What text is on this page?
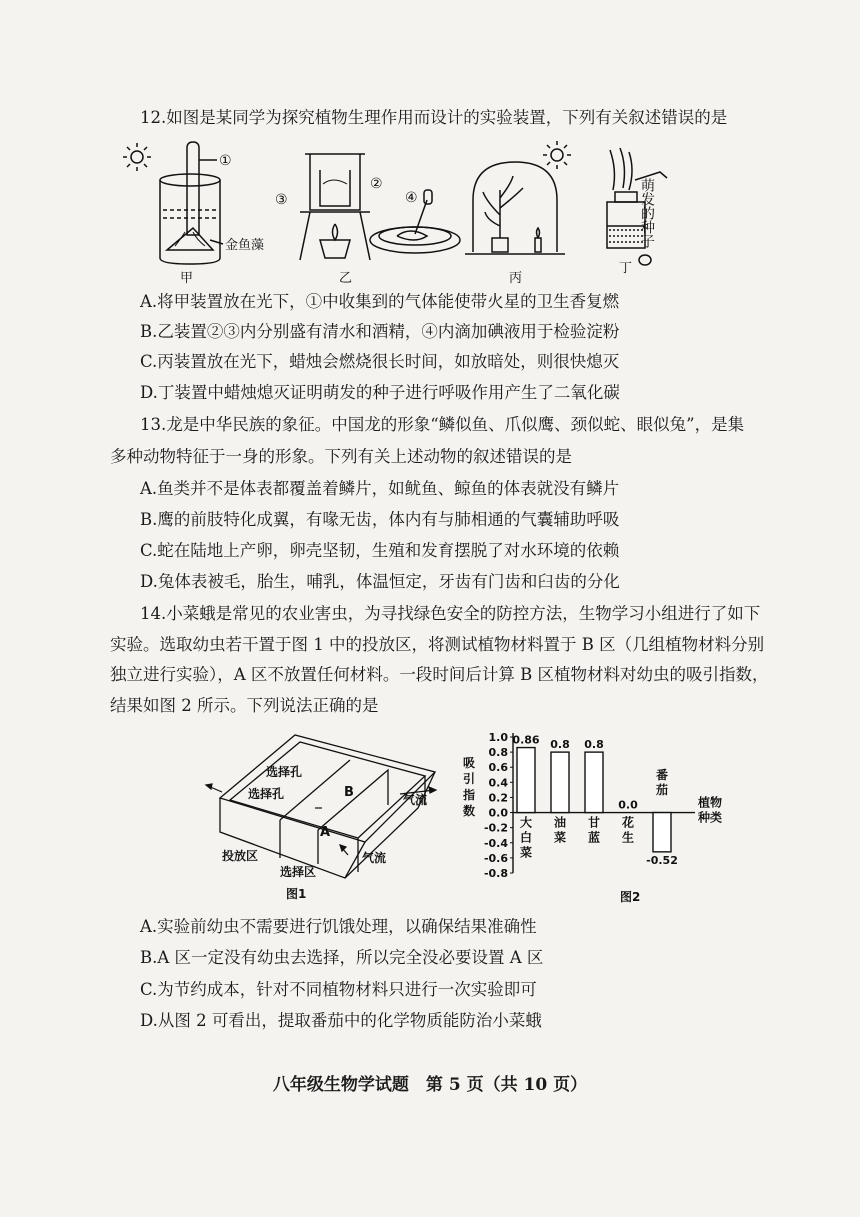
12.如图是某同学为探究植物生理作用而设计的实验装置，下列有关叙述错误的是
①
金鱼藻
甲
②
③
乙
④
丙
萌发的种子
丁
A.将甲装置放在光下，①中收集到的气体能使带火星的卫生香复燃
B.乙装置②③内分别盛有清水和酒精，④内滴加碘液用于检验淀粉
C.丙装置放在光下，蜡烛会燃烧很长时间，如放暗处，则很快熄灭
D.丁装置中蜡烛熄灭证明萌发的种子进行呼吸作用产生了二氧化碳
13.龙是中华民族的象征。中国龙的形象“鳞似鱼、爪似鹰、颈似蛇、眼似兔”，是集
多种动物特征于一身的形象。下列有关上述动物的叙述错误的是
A.鱼类并不是体表都覆盖着鳞片，如鱿鱼、鲸鱼的体表就没有鳞片
B.鹰的前肢特化成翼，有喙无齿，体内有与肺相通的气囊辅助呼吸
C.蛇在陆地上产卵，卵壳坚韧，生殖和发育摆脱了对水环境的依赖
D.兔体表被毛，胎生，哺乳，体温恒定，牙齿有门齿和臼齿的分化
14.小菜蛾是常见的农业害虫，为寻找绿色安全的防控方法，生物学习小组进行了如下
实验。选取幼虫若干置于图 1 中的投放区，将测试植物材料置于 B 区（几组植物材料分别
独立进行实验），A 区不放置任何材料。一段时间后计算 B 区植物材料对幼虫的吸引指数，
结果如图 2 所示。下列说法正确的是
选择孔
选择孔	B
A
气流
气流
投放区
选择区
图1
吸
引
指
数
1.0
0.8
0.6
0.4
0.2
0.0
-0.2
-0.4
-0.6
-0.8
0.86
大
白
菜
0.8
油
菜
0.8
甘
蓝
0.0
花
生
-0.52
番
茄
植物
种类
图2
A.实验前幼虫不需要进行饥饿处理，以确保结果准确性
B.A 区一定没有幼虫去选择，所以完全没必要设置 A 区
C.为节约成本，针对不同植物材料只进行一次实验即可
D.从图 2 可看出，提取番茄中的化学物质能防治小菜蛾
八年级生物学试题　第 5 页（共 10 页）
